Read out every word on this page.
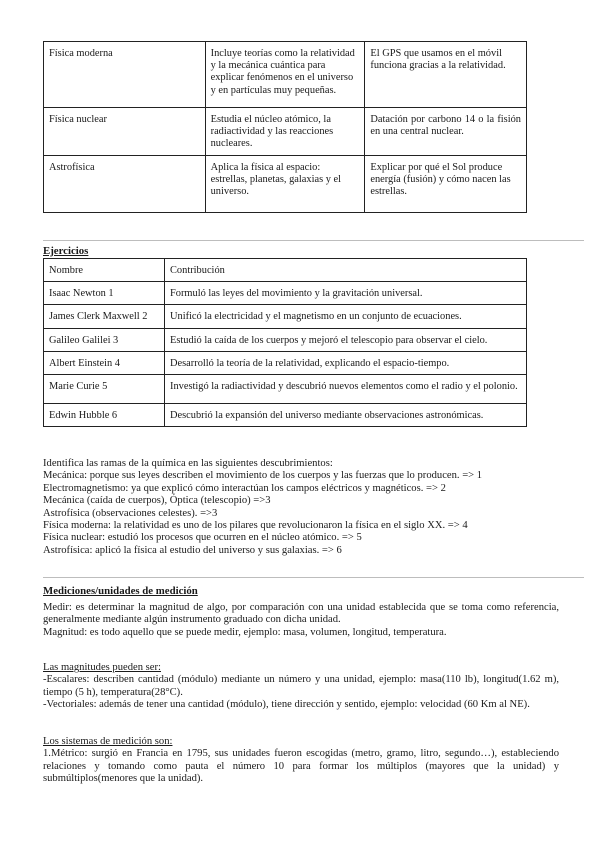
Física moderna	Incluye teorías como la relatividad y la mecánica cuántica para explicar fenómenos en el universo y en partículas muy pequeñas.	El GPS que usamos en el móvil funciona gracias a la relatividad.
Física nuclear	Estudia el núcleo atómico, la radiactividad y las reacciones nucleares.	Datación por carbono 14 o la fisión en una central nuclear.
Astrofísica	Aplica la física al espacio: estrellas, planetas, galaxias y el universo.	Explicar por qué el Sol produce energía (fusión) y cómo nacen las estrellas.
Ejercicios
Nombre	Contribución
Isaac Newton 1	Formuló las leyes del movimiento y la gravitación universal.
James Clerk Maxwell 2	Unificó la electricidad y el magnetismo en un conjunto de ecuaciones.
Galileo Galilei 3	Estudió la caída de los cuerpos y mejoró el telescopio para observar el cielo.
Albert Einstein 4	Desarrolló la teoría de la relatividad, explicando el espacio-tiempo.
Marie Curie 5	Investigó la radiactividad y descubrió nuevos elementos como el radio y el polonio.
Edwin Hubble 6	Descubrió la expansión del universo mediante observaciones astronómicas.

Identifica las ramas de la química en las siguientes descubrimientos:

Mecánica: porque sus leyes describen el movimiento de los cuerpos y las fuerzas que lo producen. => 1

Electromagnetismo: ya que explicó cómo interactúan los campos eléctricos y magnéticos. => 2

Mecánica (caída de cuerpos), Óptica (telescopio) =>3

Astrofísica (observaciones celestes). =>3

Física moderna: la relatividad es uno de los pilares que revolucionaron la física en el siglo XX. => 4

Física nuclear: estudió los procesos que ocurren en el núcleo atómico. => 5

Astrofísica: aplicó la física al estudio del universo y sus galaxias. => 6

Mediciones/unidades de medición

Medir: es determinar la magnitud de algo, por comparación con una unidad establecida que se toma como referencia, generalmente mediante algún instrumento graduado con dicha unidad.

Magnitud: es todo aquello que se puede medir, ejemplo: masa, volumen, longitud, temperatura.

Las magnitudes pueden ser:

-Escalares: describen cantidad (módulo) mediante un número y una unidad, ejemplo: masa(110 lb), longitud(1.62 m), tiempo (5 h), temperatura(28°C).

-Vectoriales: además de tener una cantidad (módulo), tiene dirección y sentido, ejemplo: velocidad (60 Km al NE).

Los sistemas de medición son:

1.Métrico: surgió en Francia en 1795, sus unidades fueron escogidas (metro, gramo, litro, segundo…), estableciendo relaciones y tomando como pauta el número 10 para formar los múltiplos (mayores que la unidad) y submúltiplos(menores que la unidad).
